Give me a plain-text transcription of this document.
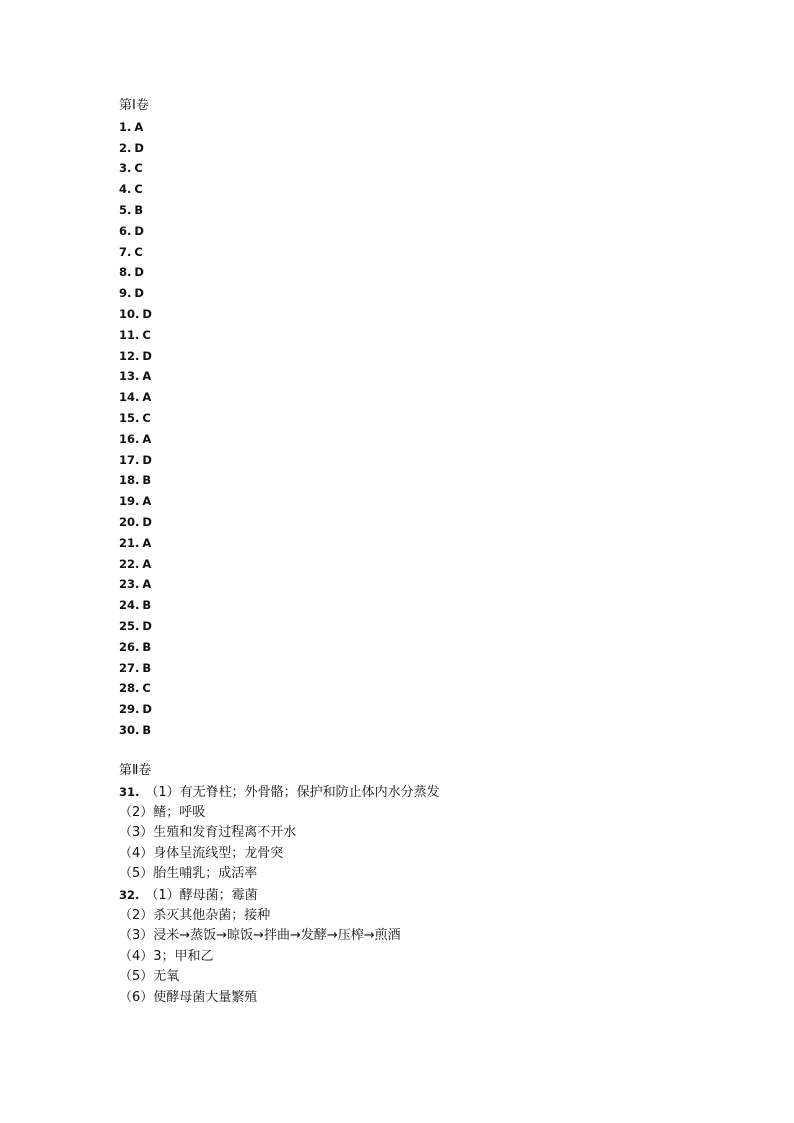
第Ⅰ卷
1. A
2. D
3. C
4. C
5. B
6. D
7. C
8. D
9. D
10. D
11. C
12. D
13. A
14. A
15. C
16. A
17. D
18. B
19. A
20. D
21. A
22. A
23. A
24. B
25. D
26. B
27. B
28. C
29. D
30. B
第Ⅱ卷
31. （1）有无脊柱；外骨骼；保护和防止体内水分蒸发
（2）鳍；呼吸
（3）生殖和发育过程离不开水
（4）身体呈流线型；龙骨突
（5）胎生哺乳；成活率
32. （1）酵母菌；霉菌
（2）杀灭其他杂菌；接种
（3）浸米→蒸饭→晾饭→拌曲→发酵→压榨→煎酒
（4）3；甲和乙
（5）无氧
（6）使酵母菌大量繁殖
